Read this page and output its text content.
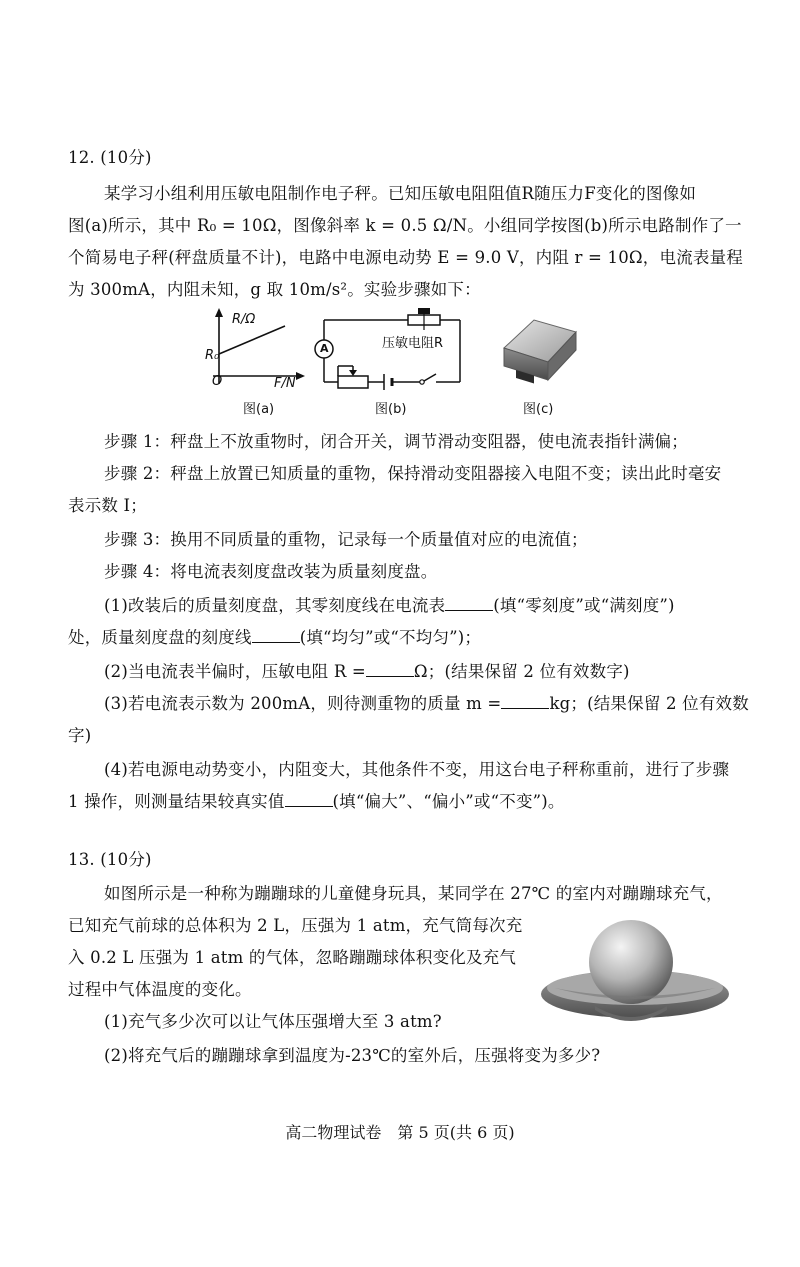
12. (10分)
某学习小组利用压敏电阻制作电子秤。已知压敏电阻阻值R随压力F变化的图像如
图(a)所示，其中 R₀ = 10Ω，图像斜率 k = 0.5 Ω/N。小组同学按图(b)所示电路制作了一
个简易电子秤(秤盘质量不计)，电路中电源电动势 E = 9.0 V，内阻 r = 10Ω，电流表量程
为 300mA，内阻未知，g 取 10m/s²。实验步骤如下：
R/Ω
R₀
O	F/N
图(a)
A	压敏电阻R
图(b)	图(c)
步骤 1：秤盘上不放重物时，闭合开关，调节滑动变阻器，使电流表指针满偏；
步骤 2：秤盘上放置已知质量的重物，保持滑动变阻器接入电阻不变；读出此时毫安
表示数 I；
步骤 3：换用不同质量的重物，记录每一个质量值对应的电流值；
步骤 4：将电流表刻度盘改装为质量刻度盘。
(1)改装后的质量刻度盘，其零刻度线在电流表	(填“零刻度”或“满刻度”)
处，质量刻度盘的刻度线	(填“均匀”或“不均匀”)；
(2)当电流表半偏时，压敏电阻 R =	Ω；(结果保留 2 位有效数字)
(3)若电流表示数为 200mA，则待测重物的质量 m =	kg；(结果保留 2 位有效数
字)
(4)若电源电动势变小，内阻变大，其他条件不变，用这台电子秤称重前，进行了步骤
1 操作，则测量结果较真实值	(填“偏大”、“偏小”或“不变”)。
13. (10分)
如图所示是一种称为蹦蹦球的儿童健身玩具，某同学在 27℃ 的室内对蹦蹦球充气，
已知充气前球的总体积为 2 L，压强为 1 atm，充气筒每次充
入 0.2 L 压强为 1 atm 的气体，忽略蹦蹦球体积变化及充气
过程中气体温度的变化。
(1)充气多少次可以让气体压强增大至 3 atm?
(2)将充气后的蹦蹦球拿到温度为-23℃的室外后，压强将变为多少?
高二物理试卷　第 5 页(共 6 页)
